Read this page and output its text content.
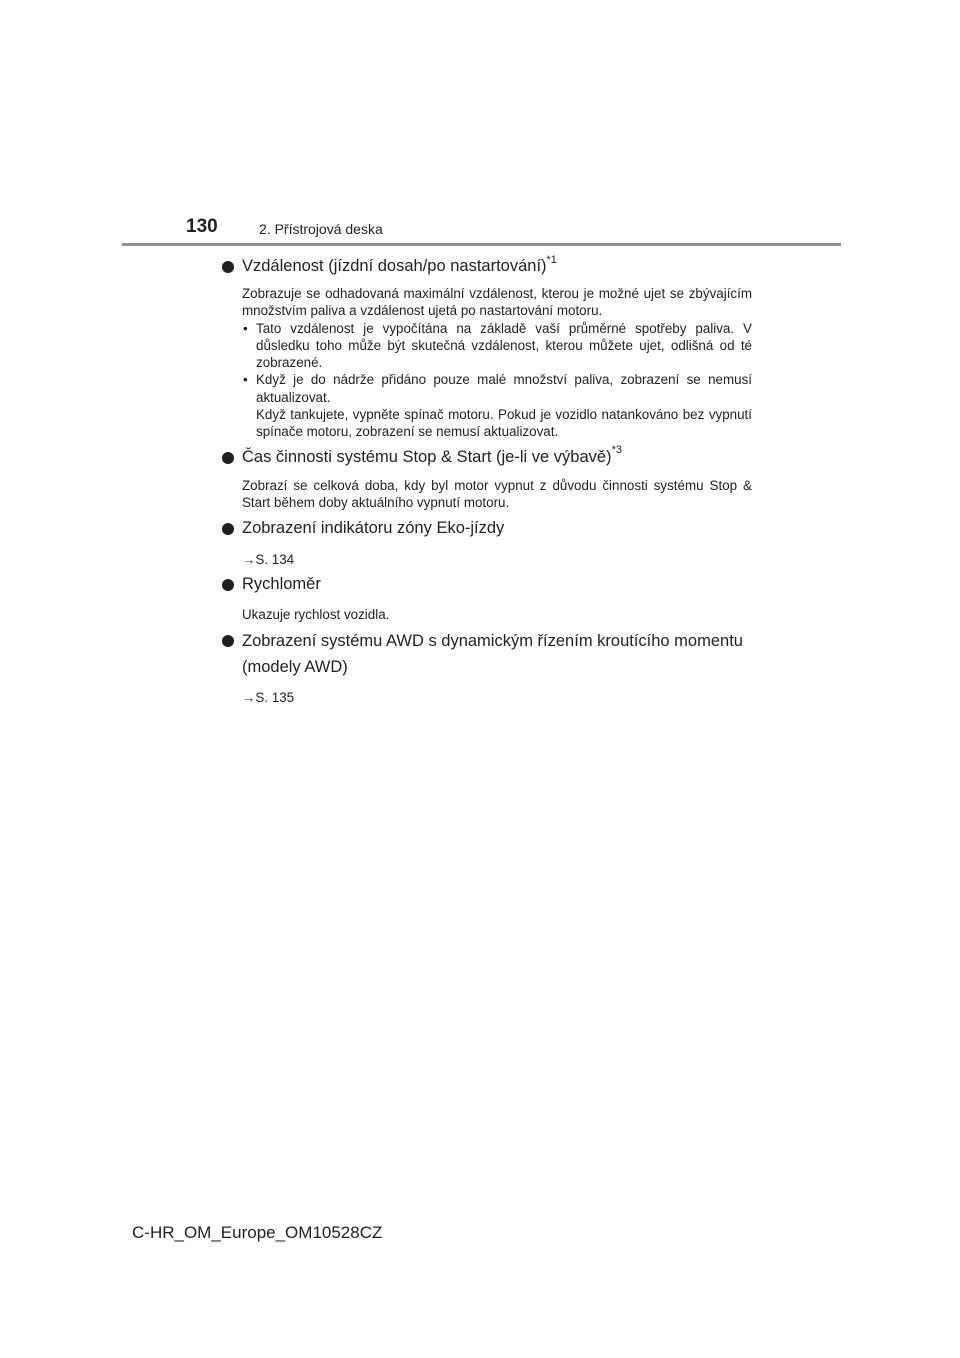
130	2. Přístrojová deska
Vzdálenost (jízdní dosah/po nastartování)$^{*1}$

Zobrazuje se odhadovaná maximální vzdálenost, kterou je možné ujet se zbývajícím množstvím paliva a vzdálenost ujetá po nastartování motoru.

• Tato vzdálenost je vypočítána na základě vaší průměrné spotřeby paliva. V důsledku toho může být skutečná vzdálenost, kterou můžete ujet, odlišná od té zobrazené.
• Když je do nádrže přidáno pouze malé množství paliva, zobrazení se nemusí aktualizovat.
Když tankujete, vypněte spínač motoru. Pokud je vozidlo natankováno bez vypnutí spínače motoru, zobrazení se nemusí aktualizovat.
Čas činnosti systému Stop & Start (je-li ve výbavě)$^{*3}$

Zobrazí se celková doba, kdy byl motor vypnut z důvodu činnosti systému Stop & Start během doby aktuálního vypnutí motoru.

Zobrazení indikátoru zóny Eko-jízdy
→S. 134
Rychloměr

Ukazuje rychlost vozidla.

Zobrazení systému AWD s dynamickým řízením kroutícího momentu (modely AWD)
→S. 135
C-HR_OM_Europe_OM10528CZ
